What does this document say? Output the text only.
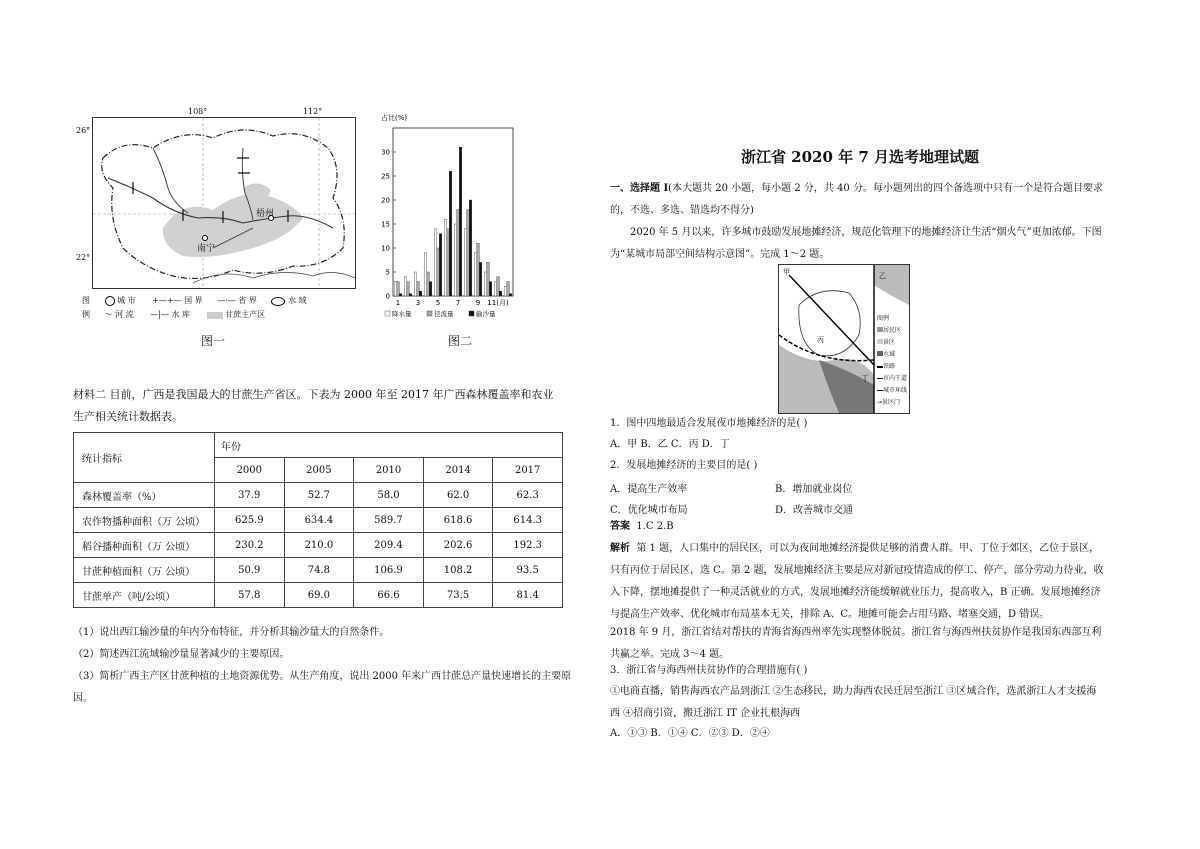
108°	112°
26°
22°
南宁
梧州
图	城 市 +—+— 国 界 —·— 省 界	水 域
例 〜 河 流 —|— 水 库	甘蔗主产区
图一
占比(%)
0
5
10
15
20
25
30
1 3 5 7 9 11(月)
降水量	径流量	输沙量
图二
材料二 目前，广西是我国最大的甘蔗生产省区。下表为 2000 年至 2017 年广西森林覆盖率和农业生产相关统计数据表。
统计指标	年份				
	2000	2005	2010	2014	2017
森林覆盖率（%）	37.9	52.7	58.0	62.0	62.3
农作物播种面积（万 公顷）	625.9	634.4	589.7	618.6	614.3
稻谷播种面积（万 公顷）	230.2	210.0	209.4	202.6	192.3
甘蔗种植面积（万 公顷）	50.9	74.8	106.9	108.2	93.5
甘蔗单产（吨/公顷）	57.8	69.0	66.6	73.5	81.4
（1）说出西江输沙量的年内分布特征，并分析其输沙量大的自然条件。
（2）简述西江流域输沙量显著减少的主要原因。
（3）简析广西主产区甘蔗种植的土地资源优势。从生产角度，说出 2000 年来广西甘蔗总产量快速增长的主要原因。
浙江省 2020 年 7 月选考地理试题
一、选择题 I(本大题共 20 小题，每小题 2 分，共 40 分。每小题列出的四个备选项中只有一个是符合题目要求的，不选、多选、错选均不得分)
2020 年 5 月以来，许多城市鼓励发展地摊经济，规范化管理下的地摊经济让生活“烟火气”更加浓郁。下图为“某城市局部空间结构示意图”。完成 1～2 题。
甲	乙
丙
丁
图例
居民区
景区
水域
铁路
市内干道
城市环线
⊸景区门
1．图中四地最适合发展夜市地摊经济的是( )
A．甲 B．乙 C．丙 D．丁
2．发展地摊经济的主要目的是( )
A．提高生产效率	B．增加就业岗位
C．优化城市布局	D．改善城市交通
答案 1.C 2.B
解析 第 1 题，人口集中的居民区，可以为夜间地摊经济提供足够的消费人群。甲、丁位于郊区，乙位于景区，只有丙位于居民区，选 C。第 2 题，发展地摊经济主要是应对新冠疫情造成的停工、停产，部分劳动力待业，收入下降，摆地摊提供了一种灵活就业的方式，发展地摊经济能缓解就业压力，提高收入，B 正确。发展地摊经济与提高生产效率、优化城市布局基本无关，排除 A、C。地摊可能会占用马路、堵塞交通，D 错误。
2018 年 9 月，浙江省结对帮扶的青海省海西州率先实现整体脱贫。浙江省与海西州扶贫协作是我国东西部互利共赢之举。完成 3～4 题。
3．浙江省与海西州扶贫协作的合理措施有( )
①电商直播，销售海西农产品到浙江 ②生态移民，助力海西农民迁居至浙江 ③区域合作，选派浙江人才支援海西 ④招商引资，搬迁浙江 IT 企业扎根海西
A．①③ B．①④ C．②③ D．②④
